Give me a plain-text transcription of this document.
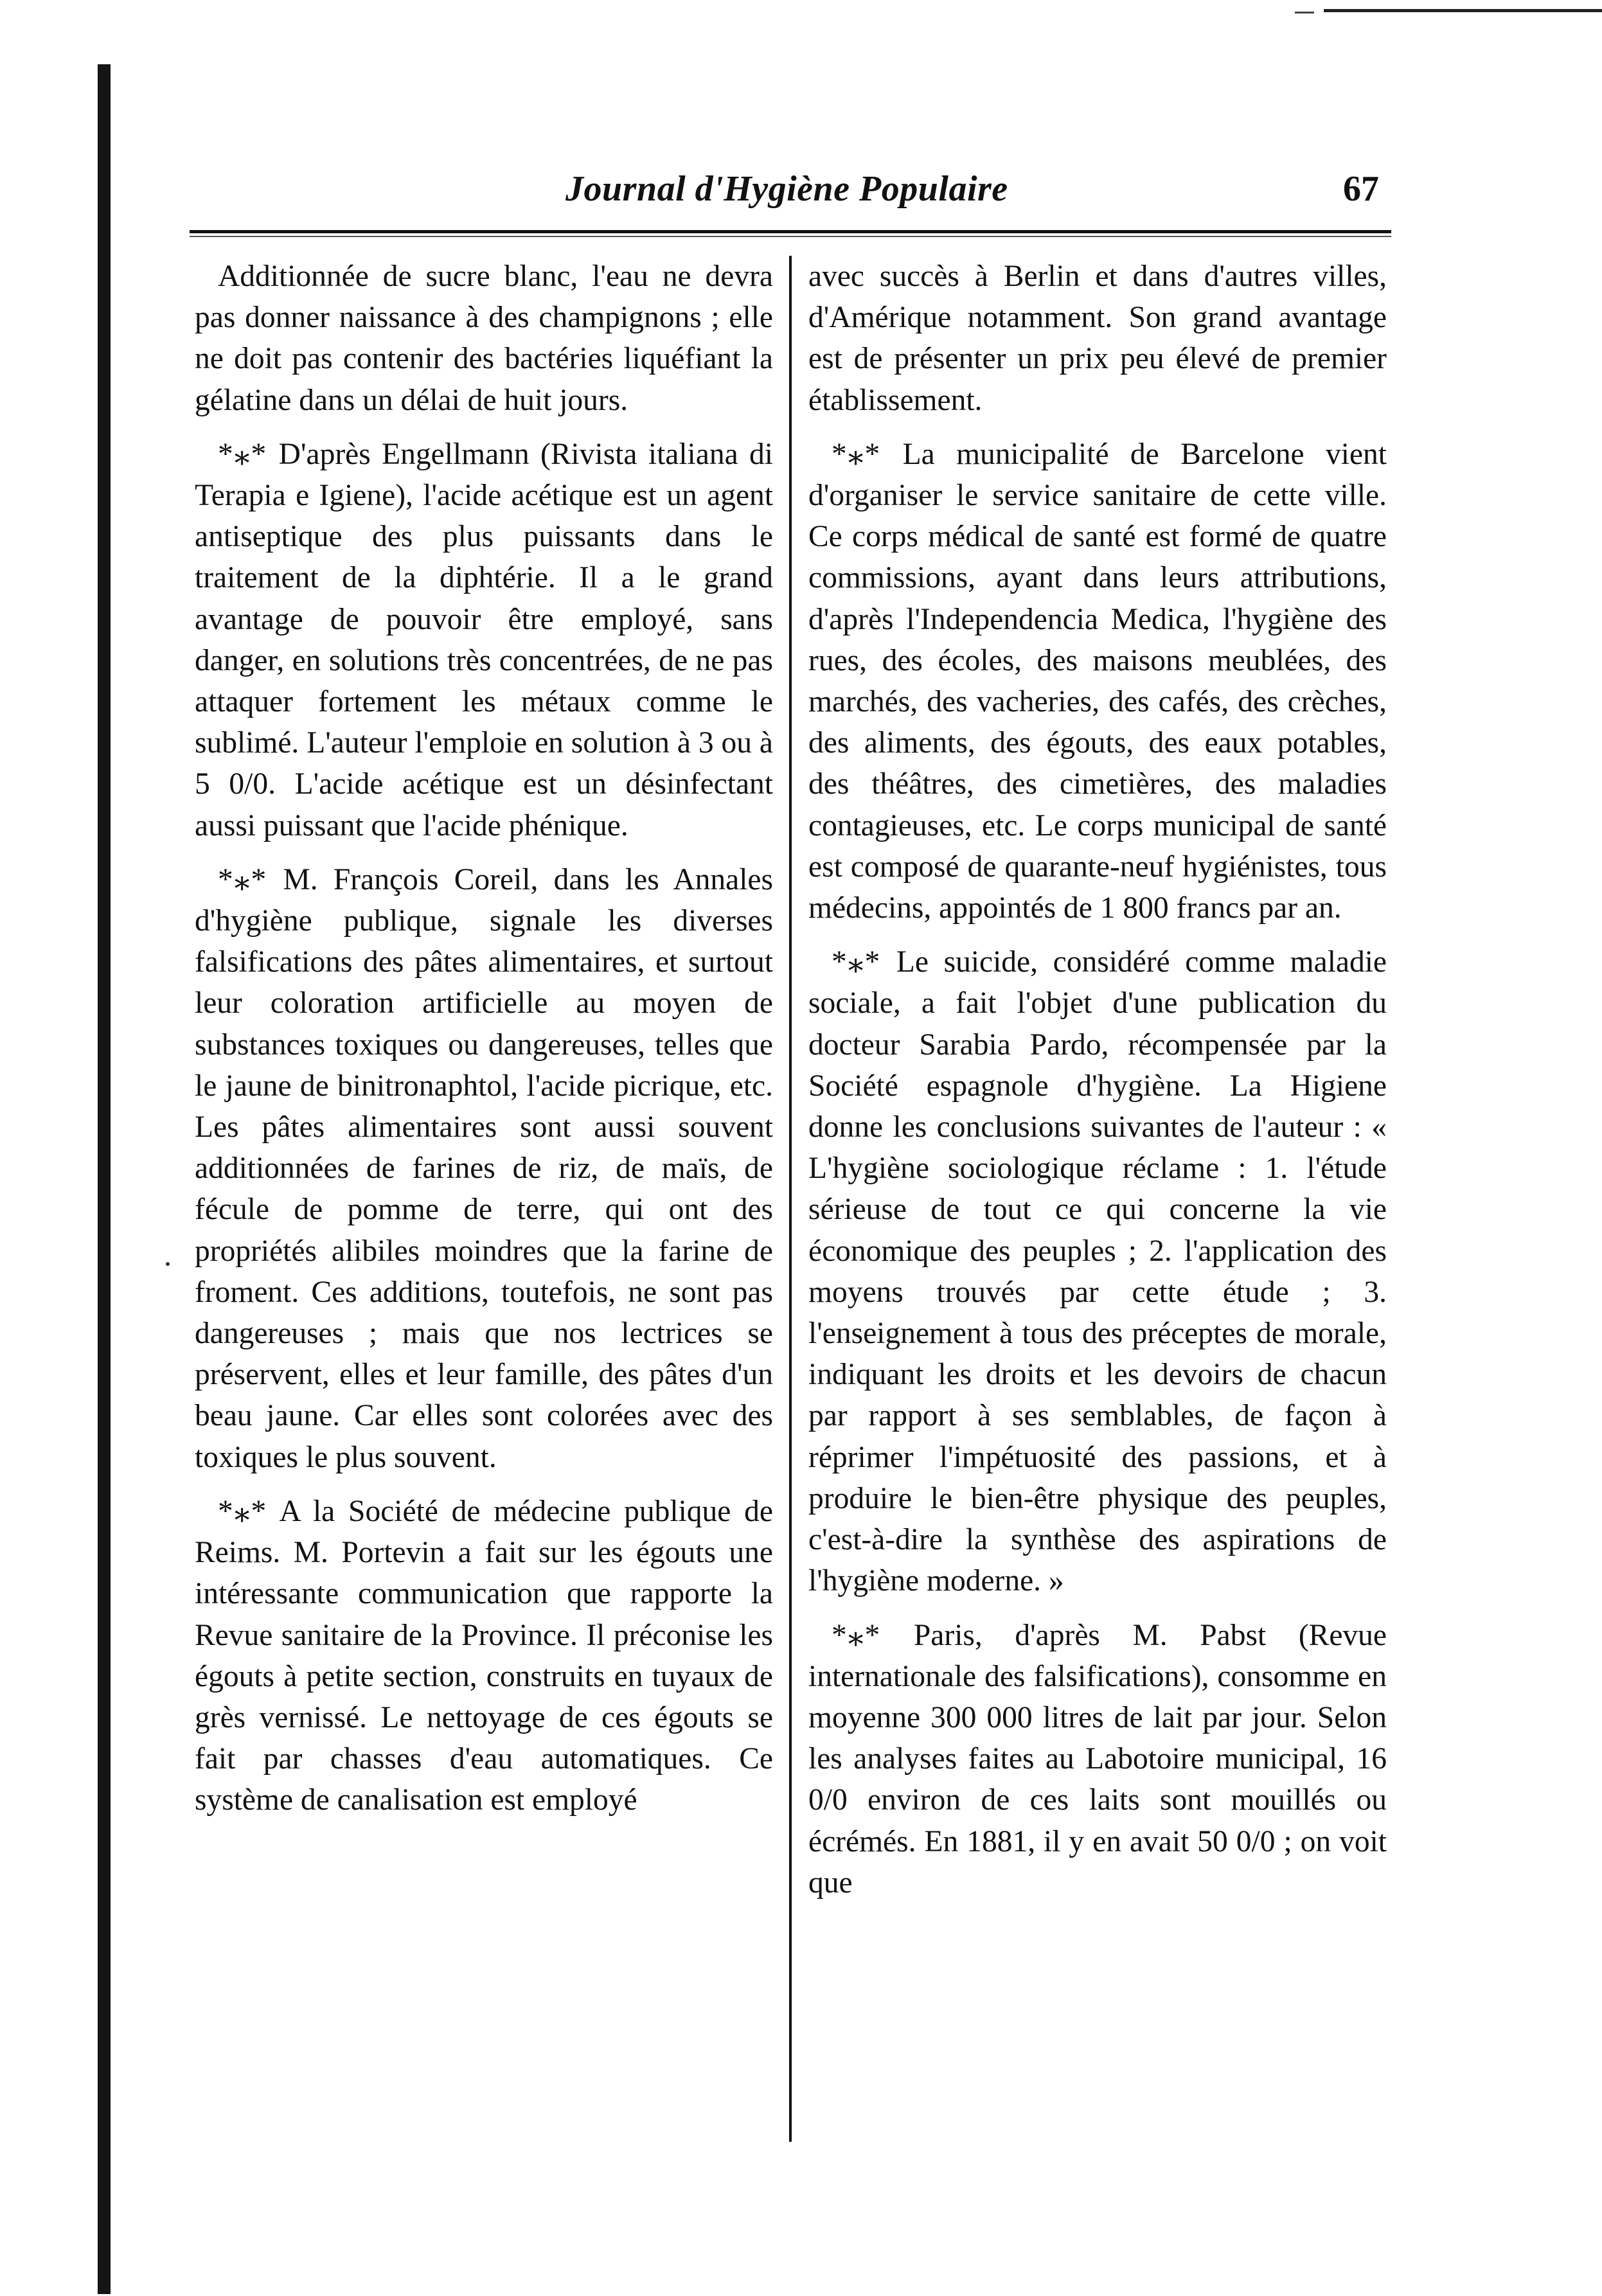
Journal d'Hygiène Populaire	67

Additionnée de sucre blanc, l'eau ne devra pas donner naissance à des champignons ; elle ne doit pas contenir des bactéries liquéfiant la gélatine dans un délai de huit jours.

*⁎* D'après Engellmann (Rivista italiana di Terapia e Igiene), l'acide acétique est un agent antiseptique des plus puissants dans le traitement de la diphtérie. Il a le grand avantage de pouvoir être employé, sans danger, en solutions très concentrées, de ne pas attaquer fortement les métaux comme le sublimé. L'auteur l'emploie en solution à 3 ou à 5 0/0. L'acide acétique est un désinfectant aussi puissant que l'acide phénique.

*⁎* M. François Coreil, dans les Annales d'hygiène publique, signale les diverses falsifications des pâtes alimentaires, et surtout leur coloration artificielle au moyen de substances toxiques ou dangereuses, telles que le jaune de binitronaphtol, l'acide picrique, etc. Les pâtes alimentaires sont aussi souvent additionnées de farines de riz, de maïs, de fécule de pomme de terre, qui ont des propriétés alibiles moindres que la farine de froment. Ces additions, toutefois, ne sont pas dangereuses ; mais que nos lectrices se préservent, elles et leur famille, des pâtes d'un beau jaune. Car elles sont colorées avec des toxiques le plus souvent.

*⁎* A la Société de médecine publique de Reims. M. Portevin a fait sur les égouts une intéressante communication que rapporte la Revue sanitaire de la Province. Il préconise les égouts à petite section, construits en tuyaux de grès vernissé. Le nettoyage de ces égouts se fait par chasses d'eau automatiques. Ce système de canalisation est employé

avec succès à Berlin et dans d'autres villes, d'Amérique notamment. Son grand avantage est de présenter un prix peu élevé de premier établissement.

*⁎* La municipalité de Barcelone vient d'organiser le service sanitaire de cette ville. Ce corps médical de santé est formé de quatre commissions, ayant dans leurs attributions, d'après l'Independencia Medica, l'hygiène des rues, des écoles, des maisons meublées, des marchés, des vacheries, des cafés, des crèches, des aliments, des égouts, des eaux potables, des théâtres, des cimetières, des maladies contagieuses, etc. Le corps municipal de santé est composé de quarante-neuf hygiénistes, tous médecins, appointés de 1 800 francs par an.

*⁎* Le suicide, considéré comme maladie sociale, a fait l'objet d'une publication du docteur Sarabia Pardo, récompensée par la Société espagnole d'hygiène. La Higiene donne les conclusions suivantes de l'auteur : « L'hygiène sociologique réclame : 1. l'étude sérieuse de tout ce qui concerne la vie économique des peuples ; 2. l'application des moyens trouvés par cette étude ; 3. l'enseignement à tous des préceptes de morale, indiquant les droits et les devoirs de chacun par rapport à ses semblables, de façon à réprimer l'impétuosité des passions, et à produire le bien-être physique des peuples, c'est-à-dire la synthèse des aspirations de l'hygiène moderne. »

*⁎* Paris, d'après M. Pabst (Revue internationale des falsifications), consomme en moyenne 300 000 litres de lait par jour. Selon les analyses faites au Labotoire municipal, 16 0/0 environ de ces laits sont mouillés ou écrémés. En 1881, il y en avait 50 0/0 ; on voit que
